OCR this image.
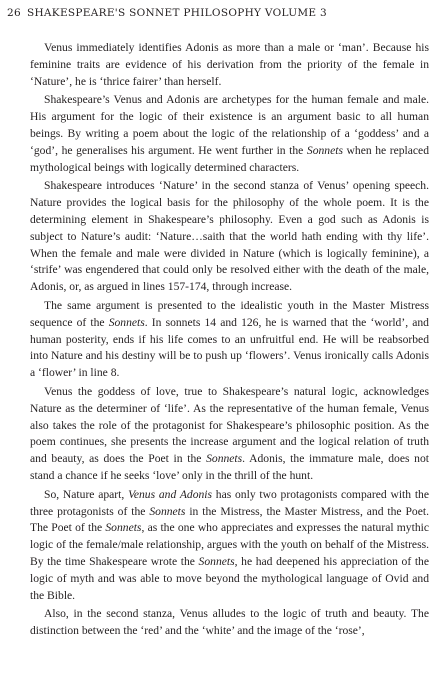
26 SHAKESPEARE'S SONNET PHILOSOPHY VOLUME 3

Venus immediately identifies Adonis as more than a male or ‘man’. Because his feminine traits are evidence of his derivation from the priority of the female in ‘Nature’, he is ‘thrice fairer’ than herself.

Shakespeare’s Venus and Adonis are archetypes for the human female and male. His argument for the logic of their existence is an argument basic to all human beings. By writing a poem about the logic of the relationship of a ‘goddess’ and a ‘god’, he generalises his argument. He went further in the Sonnets when he replaced mythological beings with logically determined characters.

Shakespeare introduces ‘Nature’ in the second stanza of Venus’ opening speech. Nature provides the logical basis for the philosophy of the whole poem. It is the determining element in Shakespeare’s philosophy. Even a god such as Adonis is subject to Nature’s audit: ‘Nature…saith that the world hath ending with thy life’. When the female and male were divided in Nature (which is logically feminine), a ‘strife’ was engendered that could only be resolved either with the death of the male, Adonis, or, as argued in lines 157-174, through increase.

The same argument is presented to the idealistic youth in the Master Mistress sequence of the Sonnets. In sonnets 14 and 126, he is warned that the ‘world’, and human posterity, ends if his life comes to an unfruitful end. He will be reabsorbed into Nature and his destiny will be to push up ‘flowers’. Venus ironically calls Adonis a ‘flower’ in line 8.

Venus the goddess of love, true to Shakespeare’s natural logic, acknowledges Nature as the determiner of ‘life’. As the representative of the human female, Venus also takes the role of the protagonist for Shakespeare’s philosophic position. As the poem continues, she presents the increase argument and the logical relation of truth and beauty, as does the Poet in the Sonnets. Adonis, the immature male, does not stand a chance if he seeks ‘love’ only in the thrill of the hunt.

So, Nature apart, Venus and Adonis has only two protagonists compared with the three protagonists of the Sonnets in the Mistress, the Master Mistress, and the Poet. The Poet of the Sonnets, as the one who appreciates and expresses the natural mythic logic of the female/male relationship, argues with the youth on behalf of the Mistress. By the time Shakespeare wrote the Sonnets, he had deepened his appreciation of the logic of myth and was able to move beyond the mythological language of Ovid and the Bible.

Also, in the second stanza, Venus alludes to the logic of truth and beauty. The distinction between the ‘red’ and the ‘white’ and the image of the ‘rose’,
